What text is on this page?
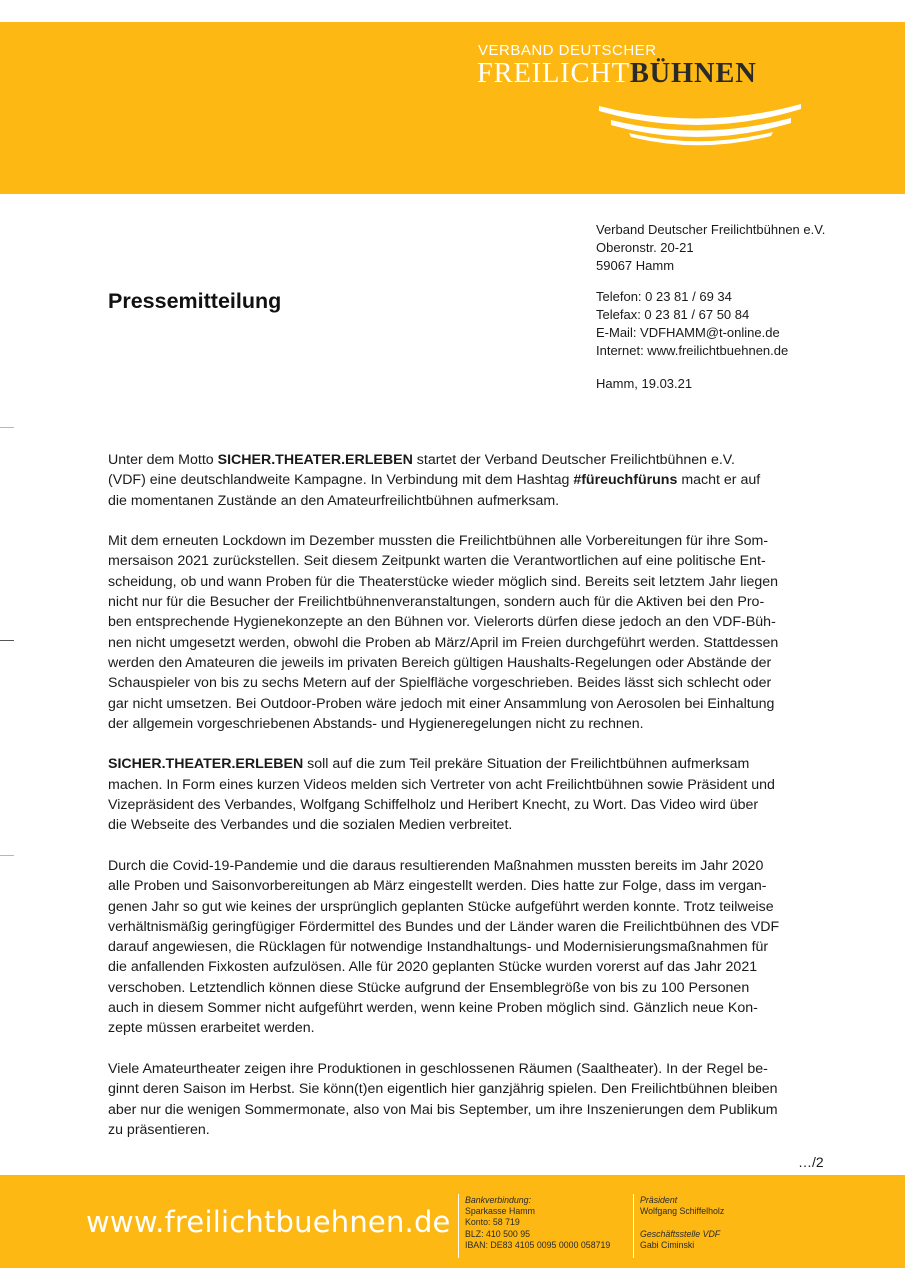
VERBAND DEUTSCHER
FREILICHTBÜHNEN
Pressemitteilung
Verband Deutscher Freilichtbühnen e.V.
Oberonstr. 20-21
59067 Hamm
Telefon: 0 23 81 / 69 34
Telefax: 0 23 81 / 67 50 84
E-Mail: VDFHAMM@t-online.de
Internet: www.freilichtbuehnen.de
Hamm, 19.03.21

Unter dem Motto SICHER.THEATER.ERLEBEN startet der Verband Deutscher Freilichtbühnen e.V.
(VDF) eine deutschlandweite Kampagne. In Verbindung mit dem Hashtag #füreuchfüruns macht er auf
die momentanen Zustände an den Amateurfreilichtbühnen aufmerksam.

Mit dem erneuten Lockdown im Dezember mussten die Freilichtbühnen alle Vorbereitungen für ihre Som-
mersaison 2021 zurückstellen. Seit diesem Zeitpunkt warten die Verantwortlichen auf eine politische Ent-
scheidung, ob und wann Proben für die Theaterstücke wieder möglich sind. Bereits seit letztem Jahr liegen
nicht nur für die Besucher der Freilichtbühnenveranstaltungen, sondern auch für die Aktiven bei den Pro-
ben entsprechende Hygienekonzepte an den Bühnen vor. Vielerorts dürfen diese jedoch an den VDF-Büh-
nen nicht umgesetzt werden, obwohl die Proben ab März/April im Freien durchgeführt werden. Stattdessen
werden den Amateuren die jeweils im privaten Bereich gültigen Haushalts-Regelungen oder Abstände der
Schauspieler von bis zu sechs Metern auf der Spielfläche vorgeschrieben. Beides lässt sich schlecht oder
gar nicht umsetzen. Bei Outdoor-Proben wäre jedoch mit einer Ansammlung von Aerosolen bei Einhaltung
der allgemein vorgeschriebenen Abstands- und Hygieneregelungen nicht zu rechnen.

SICHER.THEATER.ERLEBEN soll auf die zum Teil prekäre Situation der Freilichtbühnen aufmerksam
machen. In Form eines kurzen Videos melden sich Vertreter von acht Freilichtbühnen sowie Präsident und
Vizepräsident des Verbandes, Wolfgang Schiffelholz und Heribert Knecht, zu Wort. Das Video wird über
die Webseite des Verbandes und die sozialen Medien verbreitet.

Durch die Covid-19-Pandemie und die daraus resultierenden Maßnahmen mussten bereits im Jahr 2020
alle Proben und Saisonvorbereitungen ab März eingestellt werden. Dies hatte zur Folge, dass im vergan-
genen Jahr so gut wie keines der ursprünglich geplanten Stücke aufgeführt werden konnte. Trotz teilweise
verhältnismäßig geringfügiger Fördermittel des Bundes und der Länder waren die Freilichtbühnen des VDF
darauf angewiesen, die Rücklagen für notwendige Instandhaltungs- und Modernisierungsmaßnahmen für
die anfallenden Fixkosten aufzulösen. Alle für 2020 geplanten Stücke wurden vorerst auf das Jahr 2021
verschoben. Letztendlich können diese Stücke aufgrund der Ensemblegröße von bis zu 100 Personen
auch in diesem Sommer nicht aufgeführt werden, wenn keine Proben möglich sind. Gänzlich neue Kon-
zepte müssen erarbeitet werden.

Viele Amateurtheater zeigen ihre Produktionen in geschlossenen Räumen (Saaltheater). In der Regel be-
ginnt deren Saison im Herbst. Sie könn(t)en eigentlich hier ganzjährig spielen. Den Freilichtbühnen bleiben
aber nur die wenigen Sommermonate, also von Mai bis September, um ihre Inszenierungen dem Publikum
zu präsentieren.

…/2
www.freilichtbuehnen.de
Bankverbindung:
Sparkasse Hamm
Konto: 58 719
BLZ: 410 500 95
IBAN: DE83 4105 0095 0000 058719
Präsident
Wolfgang Schiffelholz

Geschäftsstelle VDF
Gabi Ciminski
